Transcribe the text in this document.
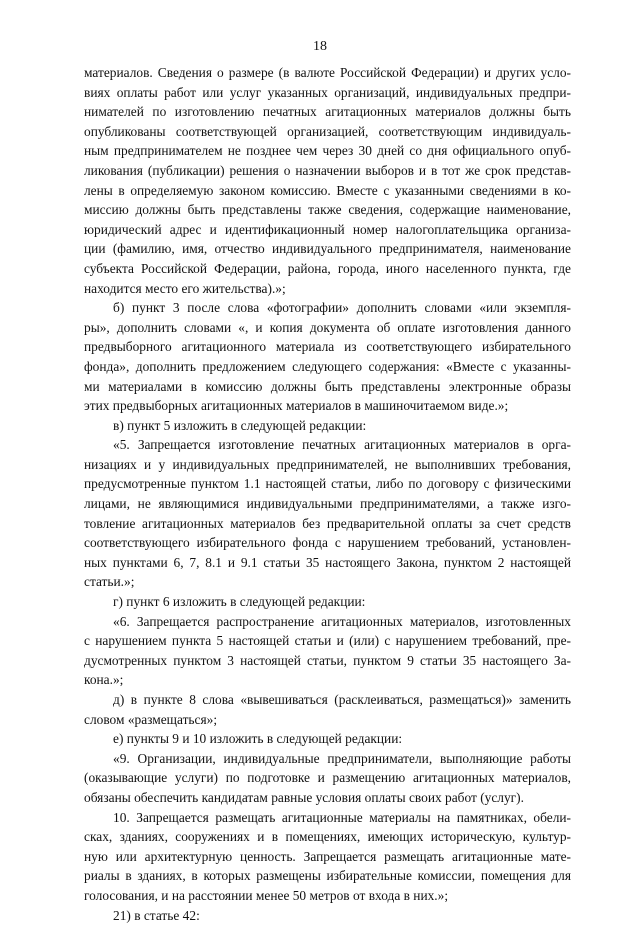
18
материалов. Сведения о размере (в валюте Российской Федерации) и других усло-
виях оплаты работ или услуг указанных организаций, индивидуальных предпри-
нимателей по изготовлению печатных агитационных материалов должны быть
опубликованы соответствующей организацией, соответствующим индивидуаль-
ным предпринимателем не позднее чем через 30 дней со дня официального опуб-
ликования (публикации) решения о назначении выборов и в тот же срок представ-
лены в определяемую законом комиссию. Вместе с указанными сведениями в ко-
миссию должны быть представлены также сведения, содержащие наименование,
юридический адрес и идентификационный номер налогоплательщика организа-
ции (фамилию, имя, отчество индивидуального предпринимателя, наименование
субъекта Российской Федерации, района, города, иного населенного пункта, где
находится место его жительства).»;
б) пункт 3 после слова «фотографии» дополнить словами «или экземпля-
ры», дополнить словами «, и копия документа об оплате изготовления данного
предвыборного агитационного материала из соответствующего избирательного
фонда», дополнить предложением следующего содержания: «Вместе с указанны-
ми материалами в комиссию должны быть представлены электронные образы
этих предвыборных агитационных материалов в машиночитаемом виде.»;
в) пункт 5 изложить в следующей редакции:
«5. Запрещается изготовление печатных агитационных материалов в орга-
низациях и у индивидуальных предпринимателей, не выполнивших требования,
предусмотренные пунктом 1.1 настоящей статьи, либо по договору с физическими
лицами, не являющимися индивидуальными предпринимателями, а также изго-
товление агитационных материалов без предварительной оплаты за счет средств
соответствующего избирательного фонда с нарушением требований, установлен-
ных пунктами 6, 7, 8.1 и 9.1 статьи 35 настоящего Закона, пунктом 2 настоящей
статьи.»;
г) пункт 6 изложить в следующей редакции:
«6. Запрещается распространение агитационных материалов, изготовленных
с нарушением пункта 5 настоящей статьи и (или) с нарушением требований, пре-
дусмотренных пунктом 3 настоящей статьи, пунктом 9 статьи 35 настоящего За-
кона.»;
д) в пункте 8 слова «вывешиваться (расклеиваться, размещаться)» заменить
словом «размещаться»;
е) пункты 9 и 10 изложить в следующей редакции:
«9. Организации, индивидуальные предприниматели, выполняющие работы
(оказывающие услуги) по подготовке и размещению агитационных материалов,
обязаны обеспечить кандидатам равные условия оплаты своих работ (услуг).
10. Запрещается размещать агитационные материалы на памятниках, обели-
сках, зданиях, сооружениях и в помещениях, имеющих историческую, культур-
ную или архитектурную ценность. Запрещается размещать агитационные мате-
риалы в зданиях, в которых размещены избирательные комиссии, помещения для
голосования, и на расстоянии менее 50 метров от входа в них.»;
21) в статье 42:
